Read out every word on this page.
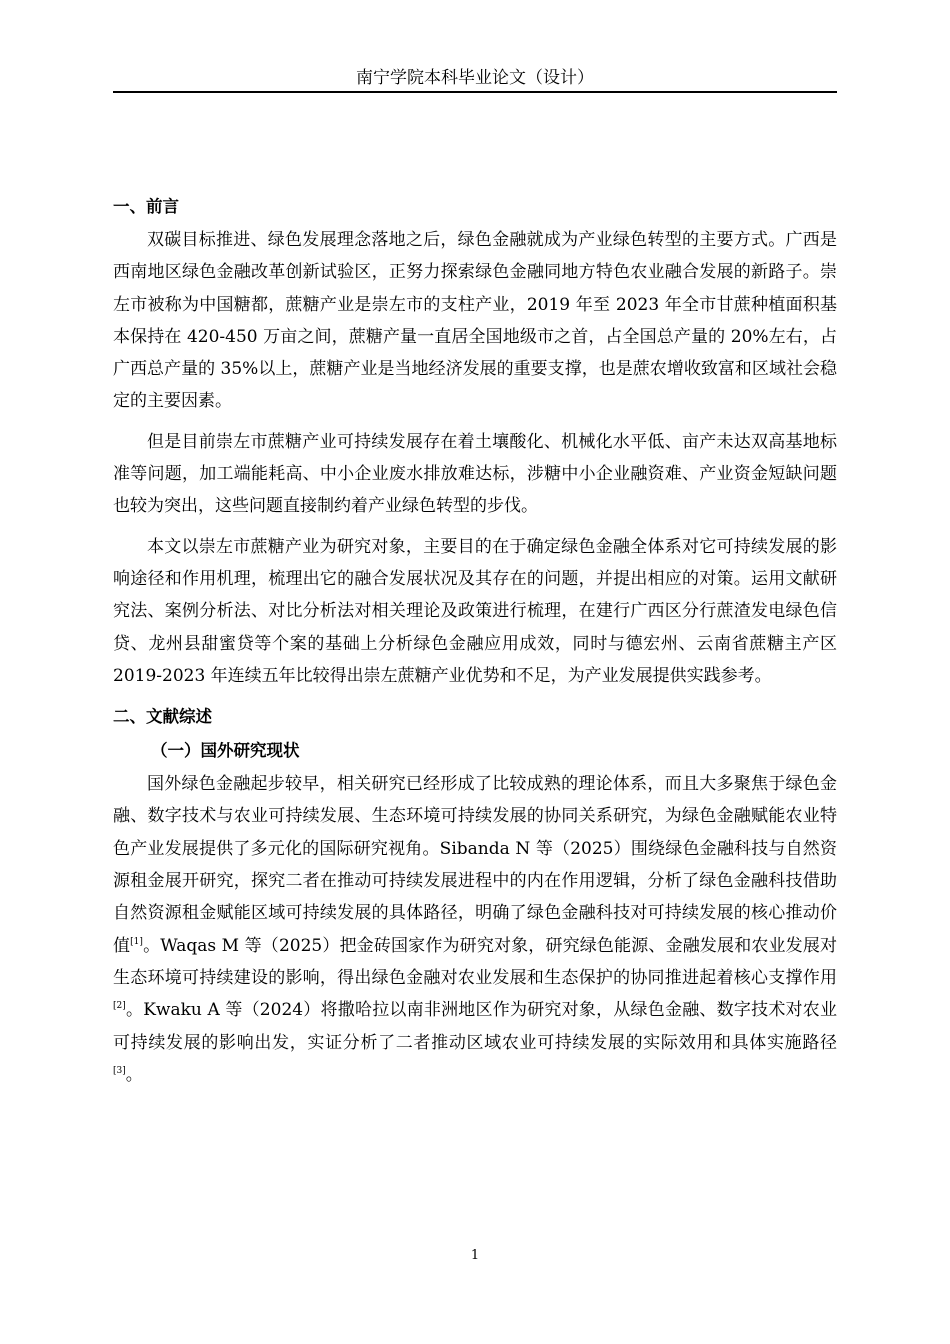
南宁学院本科毕业论文（设计）
一、前言

双碳目标推进、绿色发展理念落地之后，绿色金融就成为产业绿色转型的主要方式。广西是西南地区绿色金融改革创新试验区，正努力探索绿色金融同地方特色农业融合发展的新路子。崇左市被称为中国糖都，蔗糖产业是崇左市的支柱产业，2019 年至 2023 年全市甘蔗种植面积基本保持在 420-450 万亩之间，蔗糖产量一直居全国地级市之首，占全国总产量的 20%左右，占广西总产量的 35%以上，蔗糖产业是当地经济发展的重要支撑，也是蔗农增收致富和区域社会稳定的主要因素。

但是目前崇左市蔗糖产业可持续发展存在着土壤酸化、机械化水平低、亩产未达双高基地标准等问题，加工端能耗高、中小企业废水排放难达标，涉糖中小企业融资难、产业资金短缺问题也较为突出，这些问题直接制约着产业绿色转型的步伐。

本文以崇左市蔗糖产业为研究对象，主要目的在于确定绿色金融全体系对它可持续发展的影响途径和作用机理，梳理出它的融合发展状况及其存在的问题，并提出相应的对策。运用文献研究法、案例分析法、对比分析法对相关理论及政策进行梳理，在建行广西区分行蔗渣发电绿色信贷、龙州县甜蜜贷等个案的基础上分析绿色金融应用成效，同时与德宏州、云南省蔗糖主产区 2019-2023 年连续五年比较得出崇左蔗糖产业优势和不足，为产业发展提供实践参考。

二、文献综述
（一）国外研究现状

国外绿色金融起步较早，相关研究已经形成了比较成熟的理论体系，而且大多聚焦于绿色金融、数字技术与农业可持续发展、生态环境可持续发展的协同关系研究，为绿色金融赋能农业特色产业发展提供了多元化的国际研究视角。Sibanda N 等（2025）围绕绿色金融科技与自然资源租金展开研究，探究二者在推动可持续发展进程中的内在作用逻辑，分析了绿色金融科技借助自然资源租金赋能区域可持续发展的具体路径，明确了绿色金融科技对可持续发展的核心推动价值[1]。Waqas M 等（2025）把金砖国家作为研究对象，研究绿色能源、金融发展和农业发展对生态环境可持续建设的影响，得出绿色金融对农业发展和生态保护的协同推进起着核心支撑作用[2]。Kwaku A 等（2024）将撒哈拉以南非洲地区作为研究对象，从绿色金融、数字技术对农业可持续发展的影响出发，实证分析了二者推动区域农业可持续发展的实际效用和具体实施路径[3]。

1
